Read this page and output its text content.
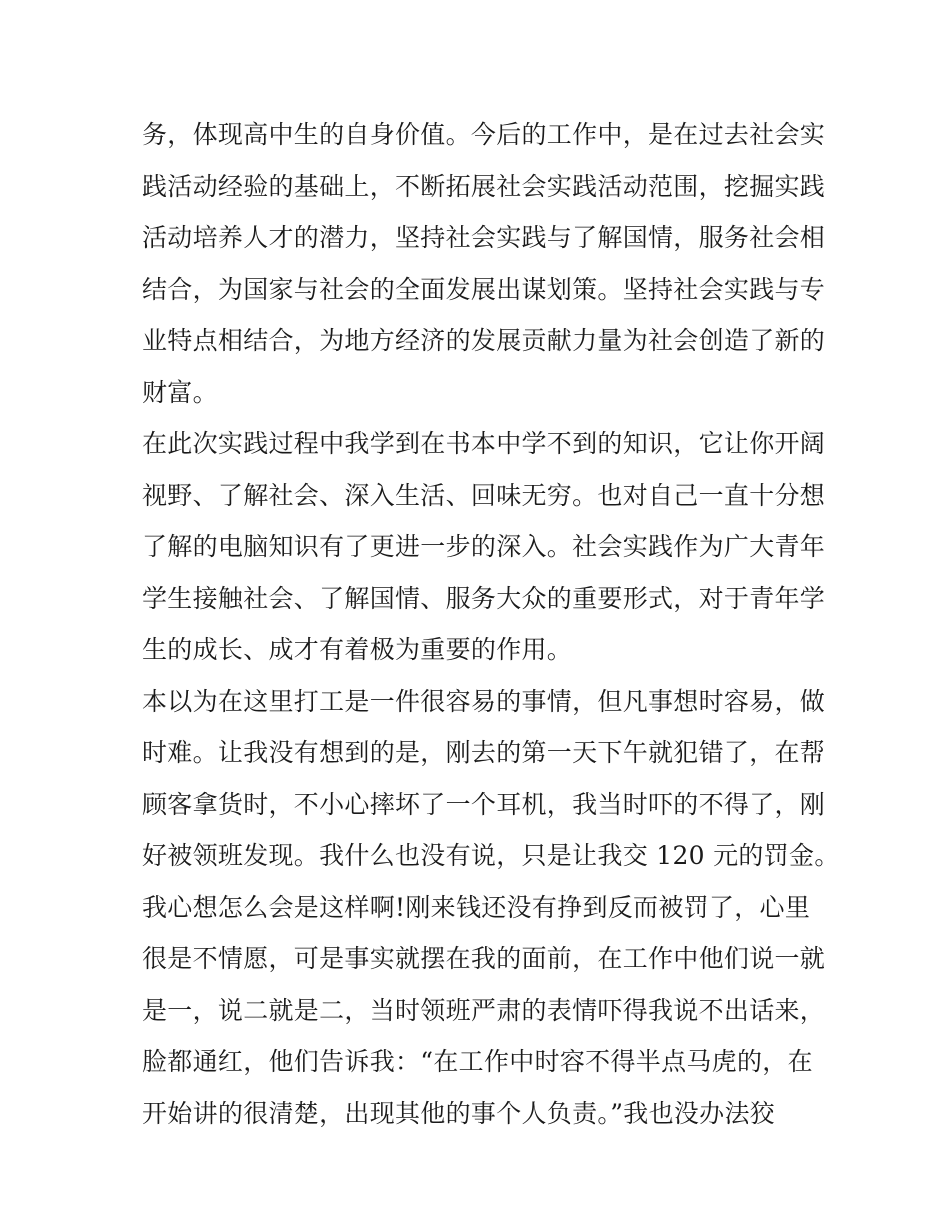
务，体现高中生的自身价值。今后的工作中，是在过去社会实
践活动经验的基础上，不断拓展社会实践活动范围，挖掘实践
活动培养人才的潜力，坚持社会实践与了解国情，服务社会相
结合，为国家与社会的全面发展出谋划策。坚持社会实践与专
业特点相结合，为地方经济的发展贡献力量为社会创造了新的
财富。
在此次实践过程中我学到在书本中学不到的知识，它让你开阔
视野、了解社会、深入生活、回味无穷。也对自己一直十分想
了解的电脑知识有了更进一步的深入。社会实践作为广大青年
学生接触社会、了解国情、服务大众的重要形式，对于青年学
生的成长、成才有着极为重要的作用。
本以为在这里打工是一件很容易的事情，但凡事想时容易，做
时难。让我没有想到的是，刚去的第一天下午就犯错了，在帮
顾客拿货时，不小心摔坏了一个耳机，我当时吓的不得了，刚
好被领班发现。我什么也没有说，只是让我交 120 元的罚金。
我心想怎么会是这样啊!刚来钱还没有挣到反而被罚了，心里
很是不情愿，可是事实就摆在我的面前，在工作中他们说一就
是一，说二就是二，当时领班严肃的表情吓得我说不出话来，
脸都通红，他们告诉我：“在工作中时容不得半点马虎的，在
开始讲的很清楚，出现其他的事个人负责。”我也没办法狡
